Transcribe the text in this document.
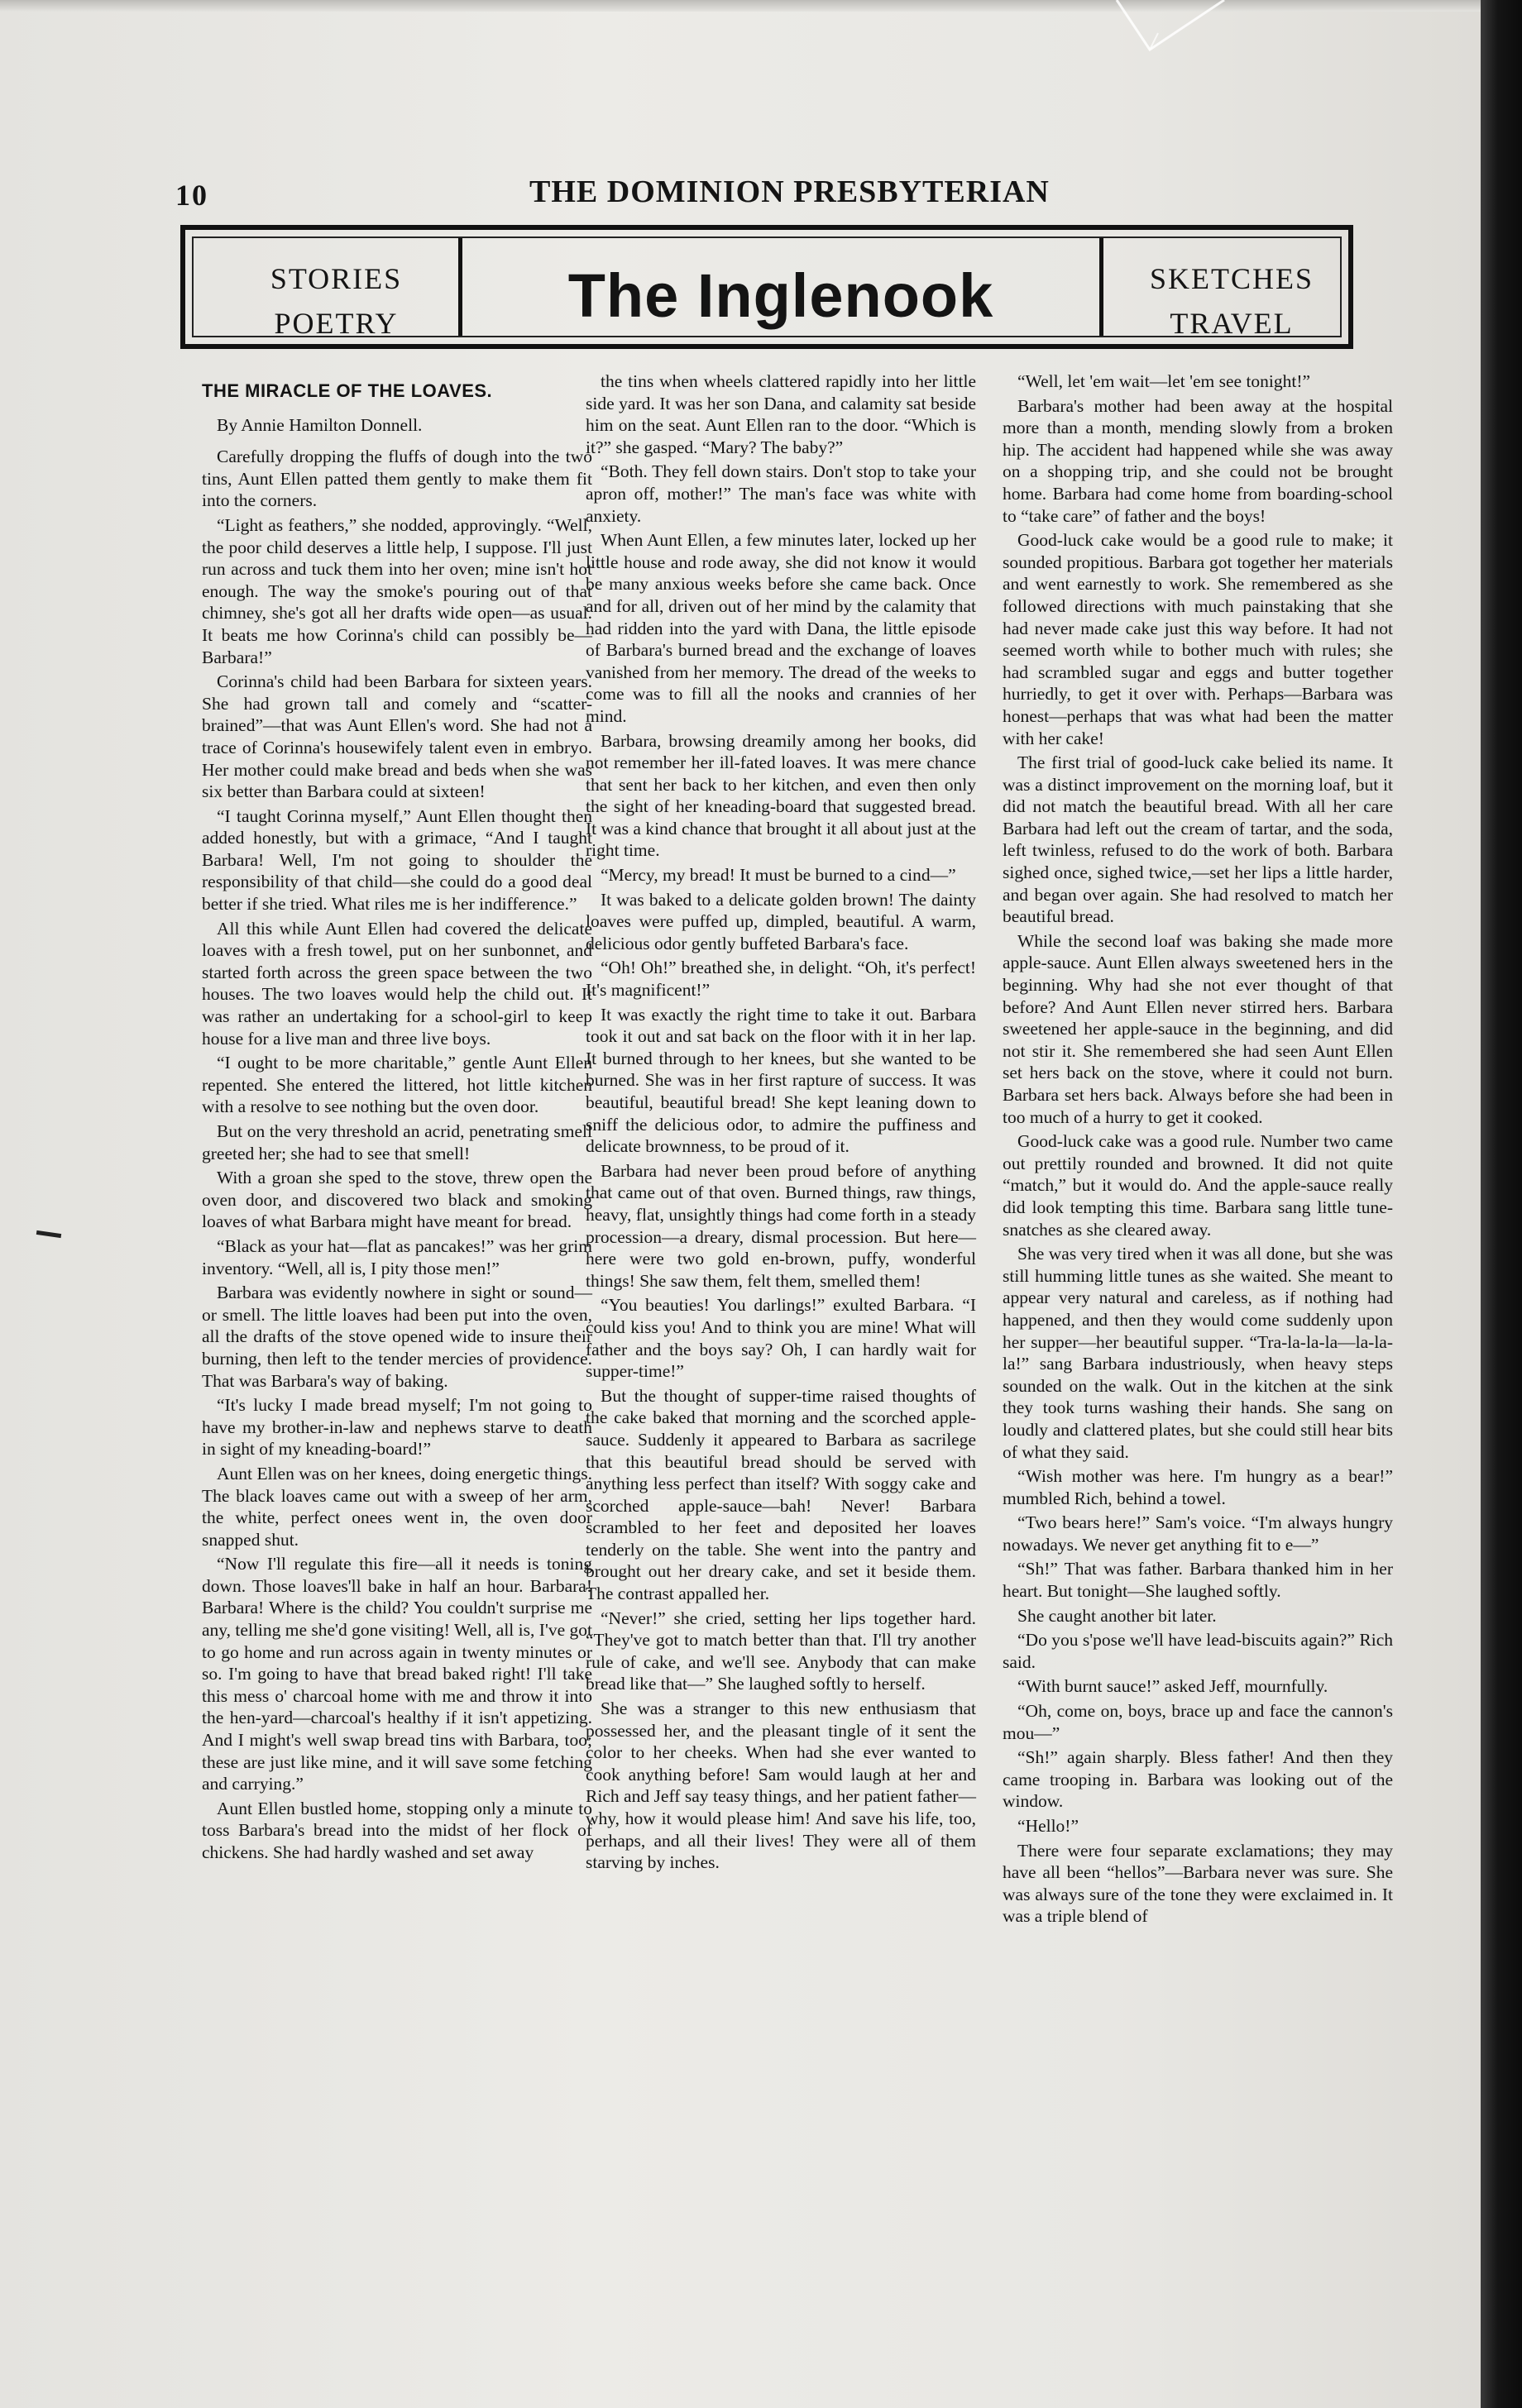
10	THE DOMINION PRESBYTERIAN
STORIES
POETRY	The Inglenook	SKETCHES
TRAVEL

THE MIRACLE OF THE LOAVES.

By Annie Hamilton Donnell.

Carefully dropping the fluffs of dough into the two tins, Aunt Ellen patted them gently to make them fit into the corners.

“Light as feathers,” she nodded, approvingly. “Well, the poor child deserves a little help, I suppose. I'll just run across and tuck them into her oven; mine isn't hot enough. The way the smoke's pouring out of that chimney, she's got all her drafts wide open—as usual. It beats me how Corinna's child can possibly be—Barbara!”

Corinna's child had been Barbara for sixteen years. She had grown tall and comely and “scatter-brained”—that was Aunt Ellen's word. She had not a trace of Corinna's housewifely talent even in embryo. Her mother could make bread and beds when she was six better than Barbara could at sixteen!

“I taught Corinna myself,” Aunt Ellen thought then added honestly, but with a grimace, “And I taught Barbara! Well, I'm not going to shoulder the responsibility of that child—she could do a good deal better if she tried. What riles me is her indifference.”

All this while Aunt Ellen had covered the delicate loaves with a fresh towel, put on her sunbonnet, and started forth across the green space between the two houses. The two loaves would help the child out. It was rather an undertaking for a school-girl to keep house for a live man and three live boys.

“I ought to be more charitable,” gentle Aunt Ellen repented. She entered the littered, hot little kitchen with a resolve to see nothing but the oven door.

But on the very threshold an acrid, penetrating smell greeted her; she had to see that smell!

With a groan she sped to the stove, threw open the oven door, and discovered two black and smoking loaves of what Barbara might have meant for bread.

“Black as your hat—flat as pancakes!” was her grim inventory. “Well, all is, I pity those men!”

Barbara was evidently nowhere in sight or sound—or smell. The little loaves had been put into the oven, all the drafts of the stove opened wide to insure their burning, then left to the tender mercies of providence. That was Barbara's way of baking.

“It's lucky I made bread myself; I'm not going to have my brother-in-law and nephews starve to death in sight of my kneading-board!”

Aunt Ellen was on her knees, doing energetic things. The black loaves came out with a sweep of her arm, the white, perfect onees went in, the oven door snapped shut.

“Now I'll regulate this fire—all it needs is toning down. Those loaves'll bake in half an hour. Barbara! Barbara! Where is the child? You couldn't surprise me any, telling me she'd gone visiting! Well, all is, I've got to go home and run across again in twenty minutes or so. I'm going to have that bread baked right! I'll take this mess o' charcoal home with me and throw it into the hen-yard—charcoal's healthy if it isn't appetizing. And I might's well swap bread tins with Barbara, too; these are just like mine, and it will save some fetching and carrying.”

Aunt Ellen bustled home, stopping only a minute to toss Barbara's bread into the midst of her flock of chickens. She had hardly washed and set away

the tins when wheels clattered rapidly into her little side yard. It was her son Dana, and calamity sat beside him on the seat. Aunt Ellen ran to the door. “Which is it?” she gasped. “Mary? The baby?”

“Both. They fell down stairs. Don't stop to take your apron off, mother!” The man's face was white with anxiety.

When Aunt Ellen, a few minutes later, locked up her little house and rode away, she did not know it would be many anxious weeks before she came back. Once and for all, driven out of her mind by the calamity that had ridden into the yard with Dana, the little episode of Barbara's burned bread and the exchange of loaves vanished from her memory. The dread of the weeks to come was to fill all the nooks and crannies of her mind.

Barbara, browsing dreamily among her books, did not remember her ill-fated loaves. It was mere chance that sent her back to her kitchen, and even then only the sight of her kneading-board that suggested bread. It was a kind chance that brought it all about just at the right time.

“Mercy, my bread! It must be burned to a cind—”

It was baked to a delicate golden brown! The dainty loaves were puffed up, dimpled, beautiful. A warm, delicious odor gently buffeted Barbara's face.

“Oh! Oh!” breathed she, in delight. “Oh, it's perfect! It's magnificent!”

It was exactly the right time to take it out. Barbara took it out and sat back on the floor with it in her lap. It burned through to her knees, but she wanted to be burned. She was in her first rapture of success. It was beautiful, beautiful bread! She kept leaning down to sniff the delicious odor, to admire the puffiness and delicate brownness, to be proud of it.

Barbara had never been proud before of anything that came out of that oven. Burned things, raw things, heavy, flat, unsightly things had come forth in a steady procession—a dreary, dismal procession. But here—here were two gold en-brown, puffy, wonderful things! She saw them, felt them, smelled them!

“You beauties! You darlings!” exulted Barbara. “I could kiss you! And to think you are mine! What will father and the boys say? Oh, I can hardly wait for supper-time!”

But the thought of supper-time raised thoughts of the cake baked that morning and the scorched apple-sauce. Suddenly it appeared to Barbara as sacrilege that this beautiful bread should be served with anything less perfect than itself? With soggy cake and scorched apple-sauce—bah! Never! Barbara scrambled to her feet and deposited her loaves tenderly on the table. She went into the pantry and brought out her dreary cake, and set it beside them. The contrast appalled her.

“Never!” she cried, setting her lips together hard. “They've got to match better than that. I'll try another rule of cake, and we'll see. Anybody that can make bread like that—” She laughed softly to herself.

She was a stranger to this new enthusiasm that possessed her, and the pleasant tingle of it sent the color to her cheeks. When had she ever wanted to cook anything before! Sam would laugh at her and Rich and Jeff say teasy things, and her patient father—why, how it would please him! And save his life, too, perhaps, and all their lives! They were all of them starving by inches.

“Well, let 'em wait—let 'em see tonight!”

Barbara's mother had been away at the hospital more than a month, mending slowly from a broken hip. The accident had happened while she was away on a shopping trip, and she could not be brought home. Barbara had come home from boarding-school to “take care” of father and the boys!

Good-luck cake would be a good rule to make; it sounded propitious. Barbara got together her materials and went earnestly to work. She remembered as she followed directions with much painstaking that she had never made cake just this way before. It had not seemed worth while to bother much with rules; she had scrambled sugar and eggs and butter together hurriedly, to get it over with. Perhaps—Barbara was honest—perhaps that was what had been the matter with her cake!

The first trial of good-luck cake belied its name. It was a distinct improvement on the morning loaf, but it did not match the beautiful bread. With all her care Barbara had left out the cream of tartar, and the soda, left twinless, refused to do the work of both. Barbara sighed once, sighed twice,—set her lips a little harder, and began over again. She had resolved to match her beautiful bread.

While the second loaf was baking she made more apple-sauce. Aunt Ellen always sweetened hers in the beginning. Why had she not ever thought of that before? And Aunt Ellen never stirred hers. Barbara sweetened her apple-sauce in the beginning, and did not stir it. She remembered she had seen Aunt Ellen set hers back on the stove, where it could not burn. Barbara set hers back. Always before she had been in too much of a hurry to get it cooked.

Good-luck cake was a good rule. Number two came out prettily rounded and browned. It did not quite “match,” but it would do. And the apple-sauce really did look tempting this time. Barbara sang little tune-snatches as she cleared away.

She was very tired when it was all done, but she was still humming little tunes as she waited. She meant to appear very natural and careless, as if nothing had happened, and then they would come suddenly upon her supper—her beautiful supper. “Tra-la-la-la—la-la-la!” sang Barbara industriously, when heavy steps sounded on the walk. Out in the kitchen at the sink they took turns washing their hands. She sang on loudly and clattered plates, but she could still hear bits of what they said.

“Wish mother was here. I'm hungry as a bear!” mumbled Rich, behind a towel.

“Two bears here!” Sam's voice. “I'm always hungry nowadays. We never get anything fit to e—”

“Sh!” That was father. Barbara thanked him in her heart. But tonight—She laughed softly.

She caught another bit later.

“Do you s'pose we'll have lead-biscuits again?” Rich said.

“With burnt sauce!” asked Jeff, mournfully.

“Oh, come on, boys, brace up and face the cannon's mou—”

“Sh!” again sharply. Bless father! And then they came trooping in. Barbara was looking out of the window.

“Hello!”

There were four separate exclamations; they may have all been “hellos”—Barbara never was sure. She was always sure of the tone they were exclaimed in. It was a triple blend of
